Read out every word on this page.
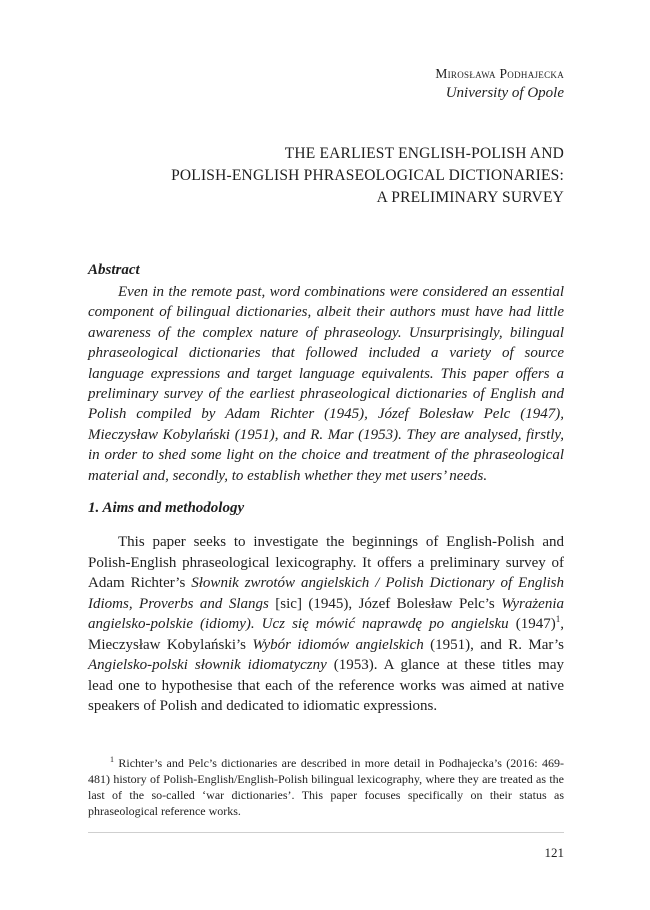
Mirosława Podhajecka
University of Opole
THE EARLIEST ENGLISH-POLISH AND
POLISH-ENGLISH PHRASEOLOGICAL DICTIONARIES:
A PRELIMINARY SURVEY
Abstract

Even in the remote past, word combinations were considered an essential component of bilingual dictionaries, albeit their authors must have had little awareness of the complex nature of phraseology. Unsurprisingly, bilingual phraseological dictionaries that followed included a variety of source language expressions and target language equivalents. This paper offers a preliminary survey of the earliest phraseological dictionaries of English and Polish compiled by Adam Richter (1945), Józef Bolesław Pelc (1947), Mieczysław Kobylański (1951), and R. Mar (1953). They are analysed, firstly, in order to shed some light on the choice and treatment of the phraseological material and, secondly, to establish whether they met users’ needs.

1. Aims and methodology

This paper seeks to investigate the beginnings of English-Polish and Polish-English phraseological lexicography. It offers a preliminary survey of Adam Richter’s Słownik zwrotów angielskich / Polish Dictionary of English Idioms, Proverbs and Slangs [sic] (1945), Józef Bolesław Pelc’s Wyrażenia angielsko-polskie (idiomy). Ucz się mówić naprawdę po angielsku $(1947)^1$, Mieczysław Kobylański’s Wybór idiomów angielskich (1951), and R. Mar’s Angielsko-polski słownik idiomatyczny (1953). A glance at these titles may lead one to hypothesise that each of the reference works was aimed at native speakers of Polish and dedicated to idiomatic expressions.

$^1$ Richter’s and Pelc’s dictionaries are described in more detail in Podhajecka’s (2016: 469-481) history of Polish-English/English-Polish bilingual lexicography, where they are treated as the last of the so-called ‘war dictionaries’. This paper focuses specifically on their status as phraseological reference works.

121
